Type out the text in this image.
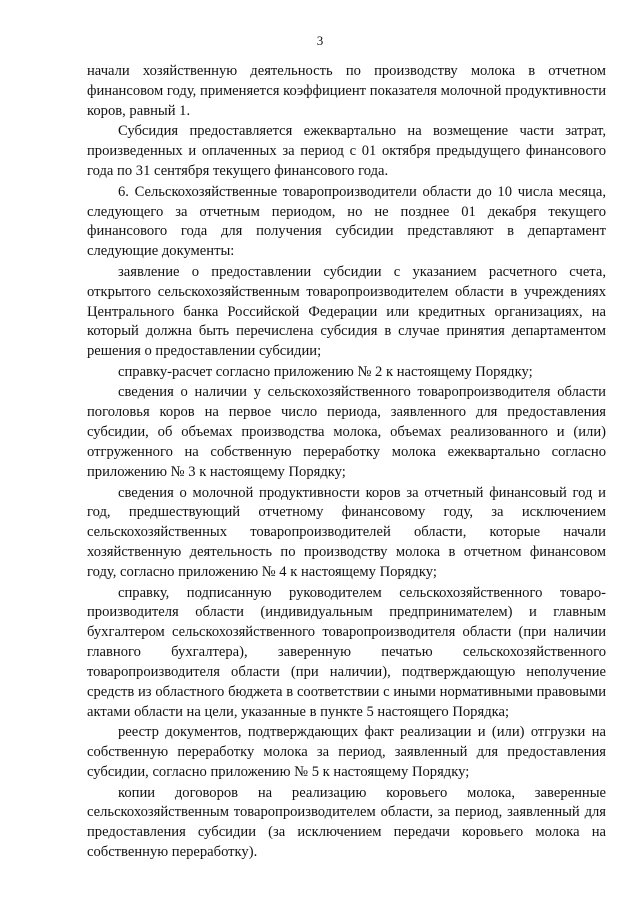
3

начали хозяйственную деятельность по производству молока в отчетном финансовом году, применяется коэффициент показателя молочной продуктивности коров, равный 1.

Субсидия предоставляется ежеквартально на возмещение части затрат, произведенных и оплаченных за период с 01 октября предыдущего финансового года по 31 сентября текущего финансового года.

6. Сельскохозяйственные товаропроизводители области до 10 числа месяца, следующего за отчетным периодом, но не позднее 01 декабря текущего финансового года для получения субсидии представляют в департамент следующие документы:

заявление о предоставлении субсидии с указанием расчетного счета, открытого сельскохозяйственным товаропроизводителем области в учреждениях Центрального банка Российской Федерации или кредитных организациях, на который должна быть перечислена субсидия в случае принятия департаментом решения о предоставлении субсидии;

справку-расчет согласно приложению № 2 к настоящему Порядку;

сведения о наличии у сельскохозяйственного товаропроизводителя области поголовья коров на первое число периода, заявленного для предоставления субсидии, об объемах производства молока, объемах реализованного и (или) отгруженного на собственную переработку молока ежеквартально согласно приложению № 3 к настоящему Порядку;

сведения о молочной продуктивности коров за отчетный финансовый год и год, предшествующий отчетному финансовому году, за исключением сельскохозяйственных товаропроизводителей области, которые начали хозяйственную деятельность по производству молока в отчетном финансовом году, согласно приложению № 4 к настоящему Порядку;

справку, подписанную руководителем сельскохозяйственного товаро-производителя области (индивидуальным предпринимателем) и главным бухгалтером сельскохозяйственного товаропроизводителя области (при наличии главного бухгалтера), заверенную печатью сельскохозяйственного товаропроизводителя области (при наличии), подтверждающую неполучение средств из областного бюджета в соответствии с иными нормативными правовыми актами области на цели, указанные в пункте 5 настоящего Порядка;

реестр документов, подтверждающих факт реализации и (или) отгрузки на собственную переработку молока за период, заявленный для предоставления субсидии, согласно приложению № 5 к настоящему Порядку;

копии договоров на реализацию коровьего молока, заверенные сельскохозяйственным товаропроизводителем области, за период, заявленный для предоставления субсидии (за исключением передачи коровьего молока на собственную переработку).
